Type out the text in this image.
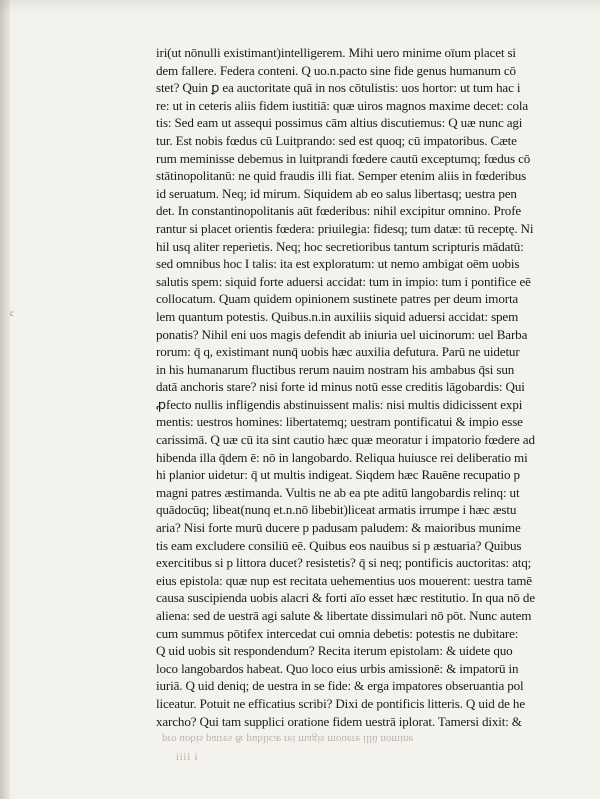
c
iri(ut nōnulli existimant)intelligerem. Mihi uero minime oīum placet si
dem fallere. Federa conteni. Q uo.n.pacto sine fide genus humanum cō
stet? Quin ꝑ ea auctoritate quā in nos cōtulistis: uos hortor: ut tum hac i
re: ut in ceteris aliis fidem iustitiā: quæ uiros magnos maxime decet: cola
tis: Sed eam ut assequi possimus cām altius discutiemus: Q uæ nunc agi
tur. Est nobis fœdus cū Luitprando: sed est quoq; cū impatoribus. Cæte
rum meminisse debemus in luitprandi fœdere cautū exceptumq; fœdus cō
stātinopolitanū: ne quid fraudis illi fiat. Semper etenim aliis in fœderibus
id seruatum. Neq; id mirum. Siquidem ab eo salus libertasq; uestra pen
det. In constantinopolitanis aūt fœderibus: nihil excipitur omnino. Profe
rantur si placet orientis fœdera: priuilegia: fidesq; tum datæ: tū receptę. Ni
hil usq aliter reperietis. Neq; hoc secretioribus tantum scripturis mādatū:
sed omnibus hoc I talis: ita est exploratum: ut nemo ambigat oēm uobis
salutis spem: siquid forte aduersi accidat: tum in impio: tum i pontifice eē
collocatum. Quam quidem opinionem sustinete patres per deum imorta
lem quantum potestis. Quibus.n.in auxiliis siquid aduersi accidat: spem
ponatis? Nihil eni uos magis defendit ab iniuria uel uicinorum: uel Barba
rorum: q̄ q, existimant nunq̄ uobis hæc auxilia defutura. Parū ne uidetur
in his humanarum fluctibus rerum nauim nostram his ambabus q̄si sun
datā anchoris stare? nisi forte id minus notū esse creditis lāgobardis: Qui
ꝓfecto nullis infligendis abstinuissent malis: nisi multis didicissent expi
mentis: uestros homines: libertatemq; uestram pontificatui & impio esse
carissimā. Q uæ cū ita sint cautio hæc quæ meoratur i impatorio fœdere ad
hibenda illa q̄dem ē: nō in langobardo. Reliqua huiusce rei deliberatio mi
hi planior uidetur: q̄ ut multis indigeat. Siqdem hæc Rauēne recupatio p
magni patres æstimanda. Vultis ne ab ea pte aditū langobardis relinq: ut
quādocūq; libeat(nunq et.n.nō libebit)liceat armatis irrumpe i hæc æstu
aria? Nisi forte murū ducere p padusam paludem: & maioribus munime
tis eam excludere consiliū eē. Quibus eos nauibus si p æstuaria? Quibus
exercitibus si p littora ducet? resistetis? q̄ si neq; pontificis auctoritas: atq;
eius epistola: quæ nup est recitata uehementius uos mouerent: uestra tamē
causa suscipienda uobis alacri & forti aīo esset hæc restitutio. In qua nō de
aliena: sed de uestrā agi salute & libertate dissimulari nō pōt. Nunc autem
cum summus pōtifex intercedat cui omnia debetis: potestis ne dubitare:
Q uid uobis sit respondendum? Recita iterum epistolam: & uidete quo
loco langobardos habeat. Quo loco eius urbis amissionē: & impatorū in
iuriā. Q uid deniq; de uestra in se fide: & erga impatores obseruantia pol
liceatur. Potuit ne efficatius scribi? Dixi de pontificis litteris. Q uid de he
xarcho? Qui tam supplici oratione fidem uestrā iplorat. Tamersi dixit: &
pro uobis patres & publicæ rei magis mouere illū nomine
iiii i
